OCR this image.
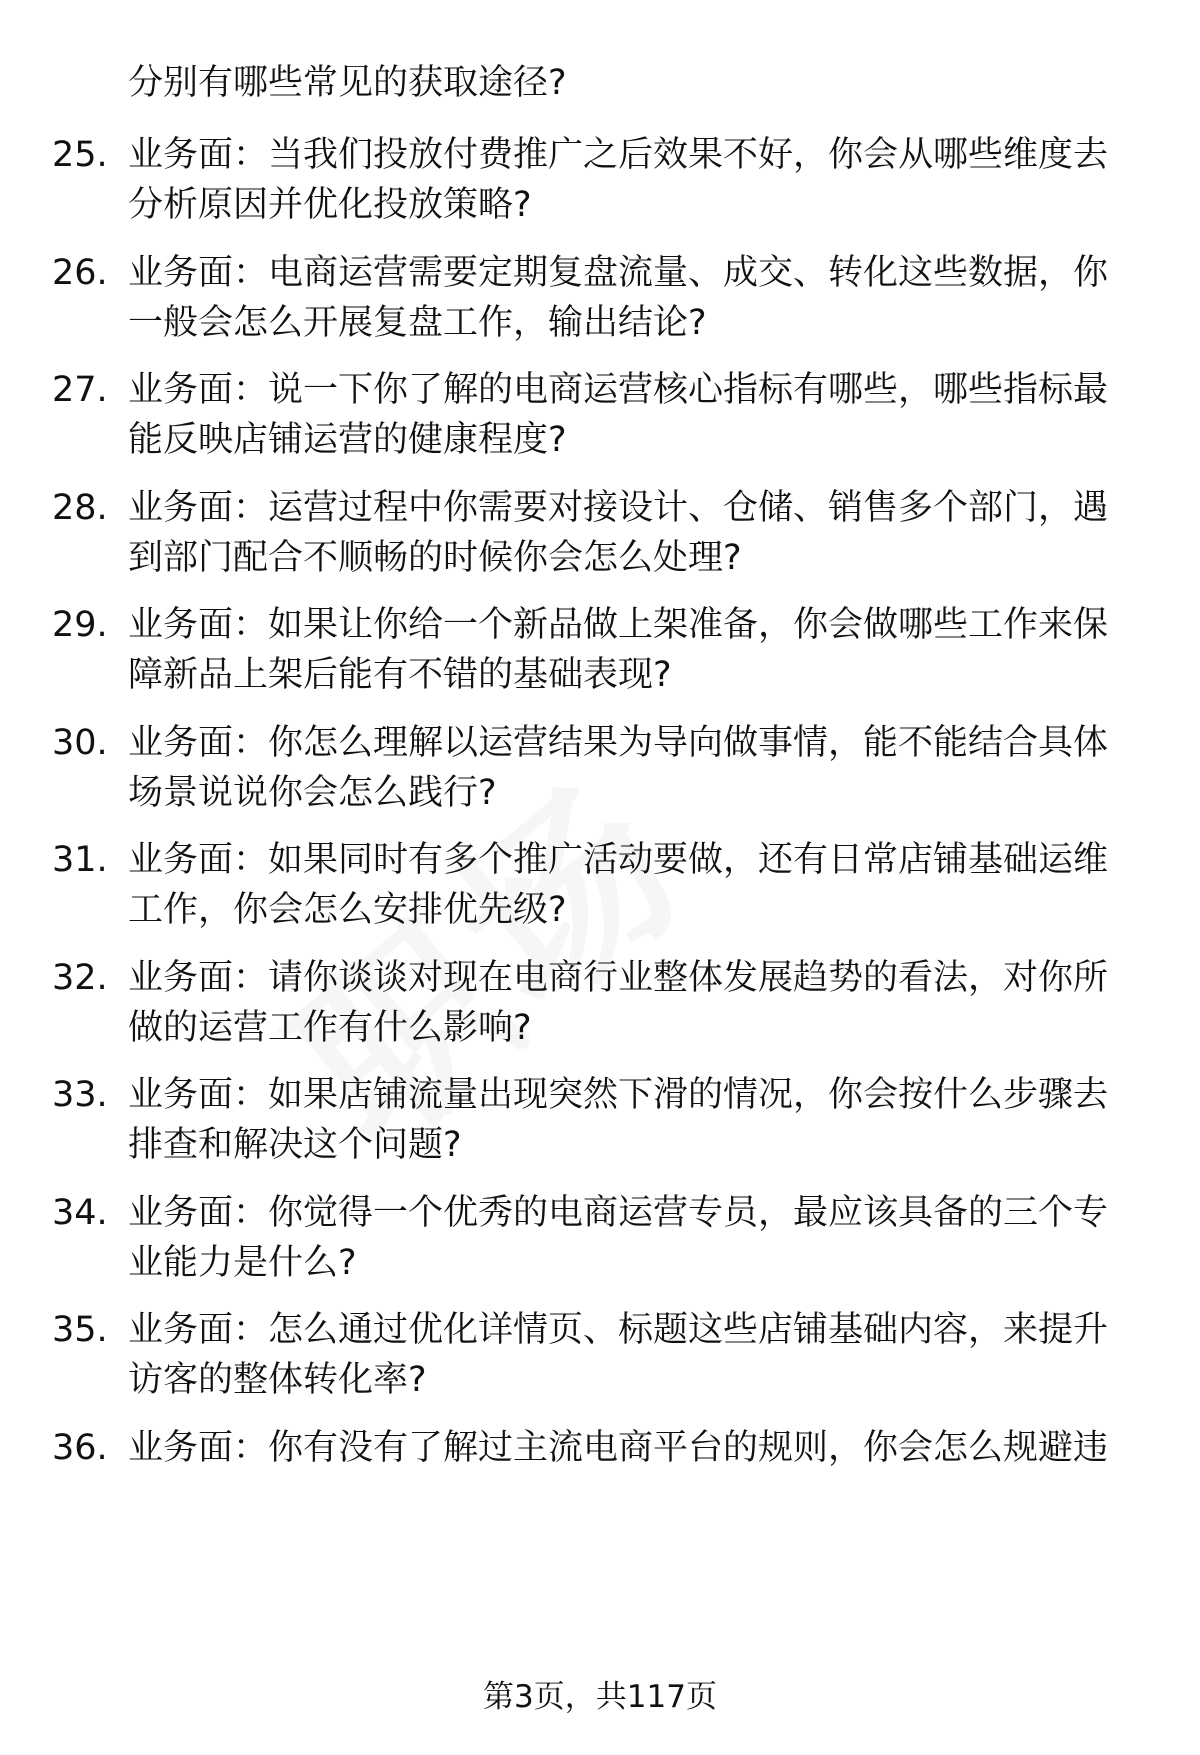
分别有哪些常见的获取途径?
25. 业务面：当我们投放付费推广之后效果不好，你会从哪些维度去
分析原因并优化投放策略?
26. 业务面：电商运营需要定期复盘流量、成交、转化这些数据，你
一般会怎么开展复盘工作，输出结论?
27. 业务面：说一下你了解的电商运营核心指标有哪些，哪些指标最
能反映店铺运营的健康程度?
28. 业务面：运营过程中你需要对接设计、仓储、销售多个部门，遇
到部门配合不顺畅的时候你会怎么处理?
29. 业务面：如果让你给一个新品做上架准备，你会做哪些工作来保
障新品上架后能有不错的基础表现?
30. 业务面：你怎么理解以运营结果为导向做事情，能不能结合具体
场景说说你会怎么践行?
31. 业务面：如果同时有多个推广活动要做，还有日常店铺基础运维
工作，你会怎么安排优先级?
32. 业务面：请你谈谈对现在电商行业整体发展趋势的看法，对你所
做的运营工作有什么影响?
33. 业务面：如果店铺流量出现突然下滑的情况，你会按什么步骤去
排查和解决这个问题?
34. 业务面：你觉得一个优秀的电商运营专员，最应该具备的三个专
业能力是什么?
35. 业务面：怎么通过优化详情页、标题这些店铺基础内容，来提升
访客的整体转化率?
36. 业务面：你有没有了解过主流电商平台的规则，你会怎么规避违
第3页，共117页
